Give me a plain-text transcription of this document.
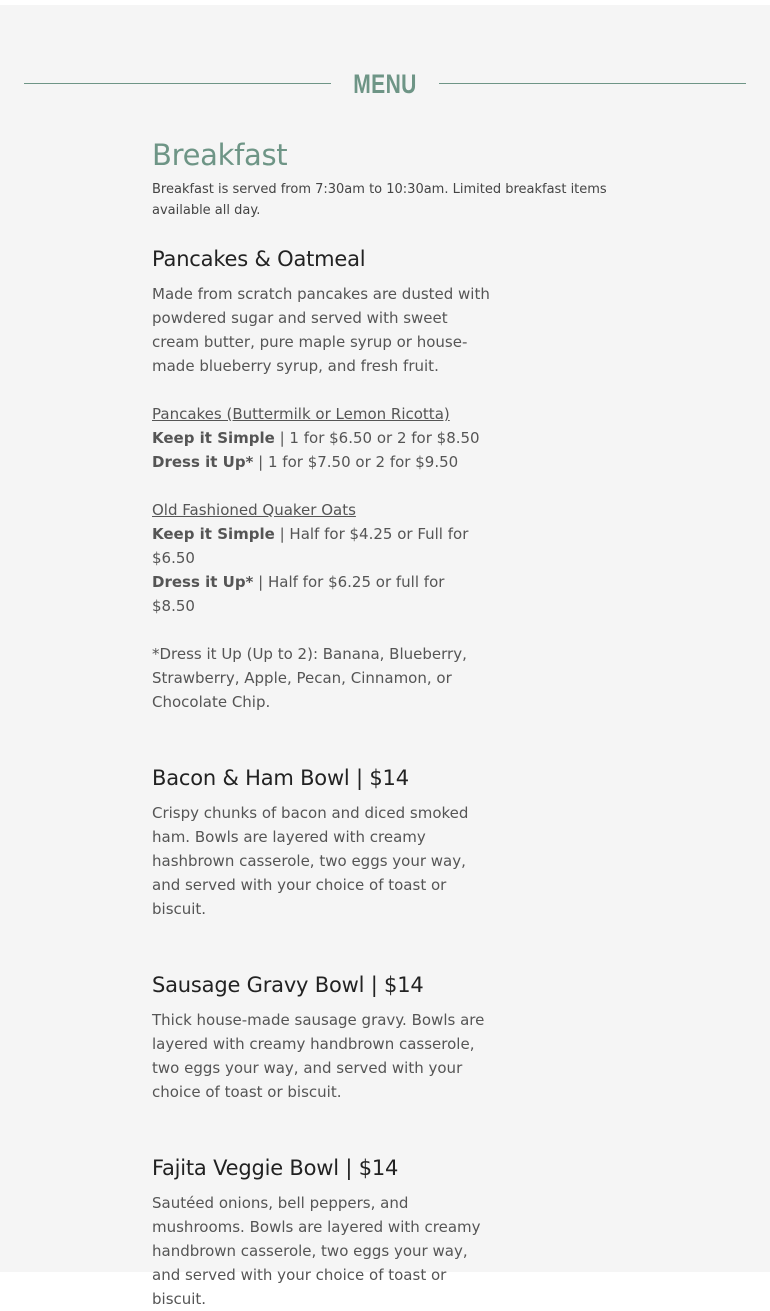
MENU
Breakfast

Breakfast is served from 7:30am to 10:30am. Limited breakfast items available all day.

Pancakes & Oatmeal
Made from scratch pancakes are dusted with powdered sugar and served with sweet cream butter, pure maple syrup or house-made blueberry syrup, and fresh fruit.
Pancakes (Buttermilk or Lemon Ricotta)
Keep it Simple | 1 for $6.50 or 2 for $8.50
Dress it Up* | 1 for $7.50 or 2 for $9.50
Old Fashioned Quaker Oats
Keep it Simple | Half for $4.25 or Full for $6.50
Dress it Up* | Half for $6.25 or full for $8.50
*Dress it Up (Up to 2): Banana, Blueberry, Strawberry, Apple, Pecan, Cinnamon, or Chocolate Chip.
Bacon & Ham Bowl | $14

Crispy chunks of bacon and diced smoked ham. Bowls are layered with creamy hashbrown casserole, two eggs your way, and served with your choice of toast or biscuit.

Sausage Gravy Bowl | $14

Thick house-made sausage gravy. Bowls are layered with creamy handbrown casserole, two eggs your way, and served with your choice of toast or biscuit.

Fajita Veggie Bowl | $14

Sautéed onions, bell peppers, and mushrooms. Bowls are layered with creamy handbrown casserole, two eggs your way, and served with your choice of toast or biscuit.
